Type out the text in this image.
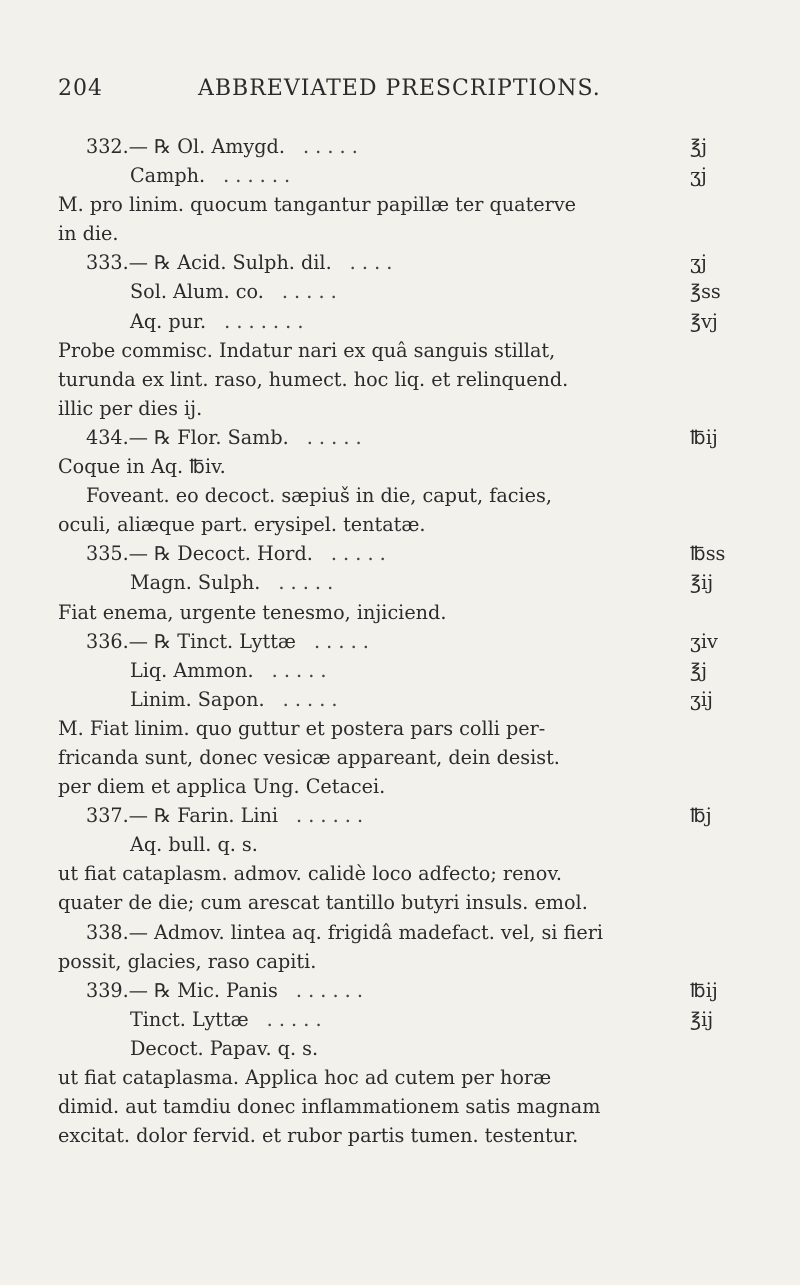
204	ABBREVIATED PRESCRIPTIONS.
332.— ℞ Ol. Amygd. . . . . .	℥j
Camph. . . . . . .	ʒj
M. pro linim. quocum tangantur papillæ ter quaterve
in die.
333.— ℞ Acid. Sulph. dil. . . . .	ʒj
Sol. Alum. co. . . . . .	℥ss
Aq. pur. . . . . . . .	℥vj
Probe commisc. Indatur nari ex quâ sanguis stillat,
turunda ex lint. raso, humect. hoc liq. et relinquend.
illic per dies ij.
434.— ℞ Flor. Samb. . . . . .	℔ij
Coque in Aq. ℔iv.
Foveant. eo decoct. sæpiuš in die, caput, facies,
oculi, aliæque part. erysipel. tentatæ.
335.— ℞ Decoct. Hord. . . . . .	℔ss
Magn. Sulph. . . . . .	℥ij
Fiat enema, urgente tenesmo, injiciend.
336.— ℞ Tinct. Lyttæ . . . . .	ʒiv
Liq. Ammon. . . . . .	℥j
Linim. Sapon. . . . . .	ʒij
M. Fiat linim. quo guttur et postera pars colli per-
fricanda sunt, donec vesicæ appareant, dein desist.
per diem et applica Ung. Cetacei.
337.— ℞ Farin. Lini . . . . . .	℔j
Aq. bull. q. s.
ut fiat cataplasm. admov. calidè loco adfecto; renov.
quater de die; cum arescat tantillo butyri insuls. emol.
338.— Admov. lintea aq. frigidâ madefact. vel, si fieri
possit, glacies, raso capiti.
339.— ℞ Mic. Panis . . . . . .	℔ij
Tinct. Lyttæ . . . . .	℥ij
Decoct. Papav. q. s.
ut fiat cataplasma. Applica hoc ad cutem per horæ
dimid. aut tamdiu donec inflammationem satis magnam
excitat. dolor fervid. et rubor partis tumen. testentur.
